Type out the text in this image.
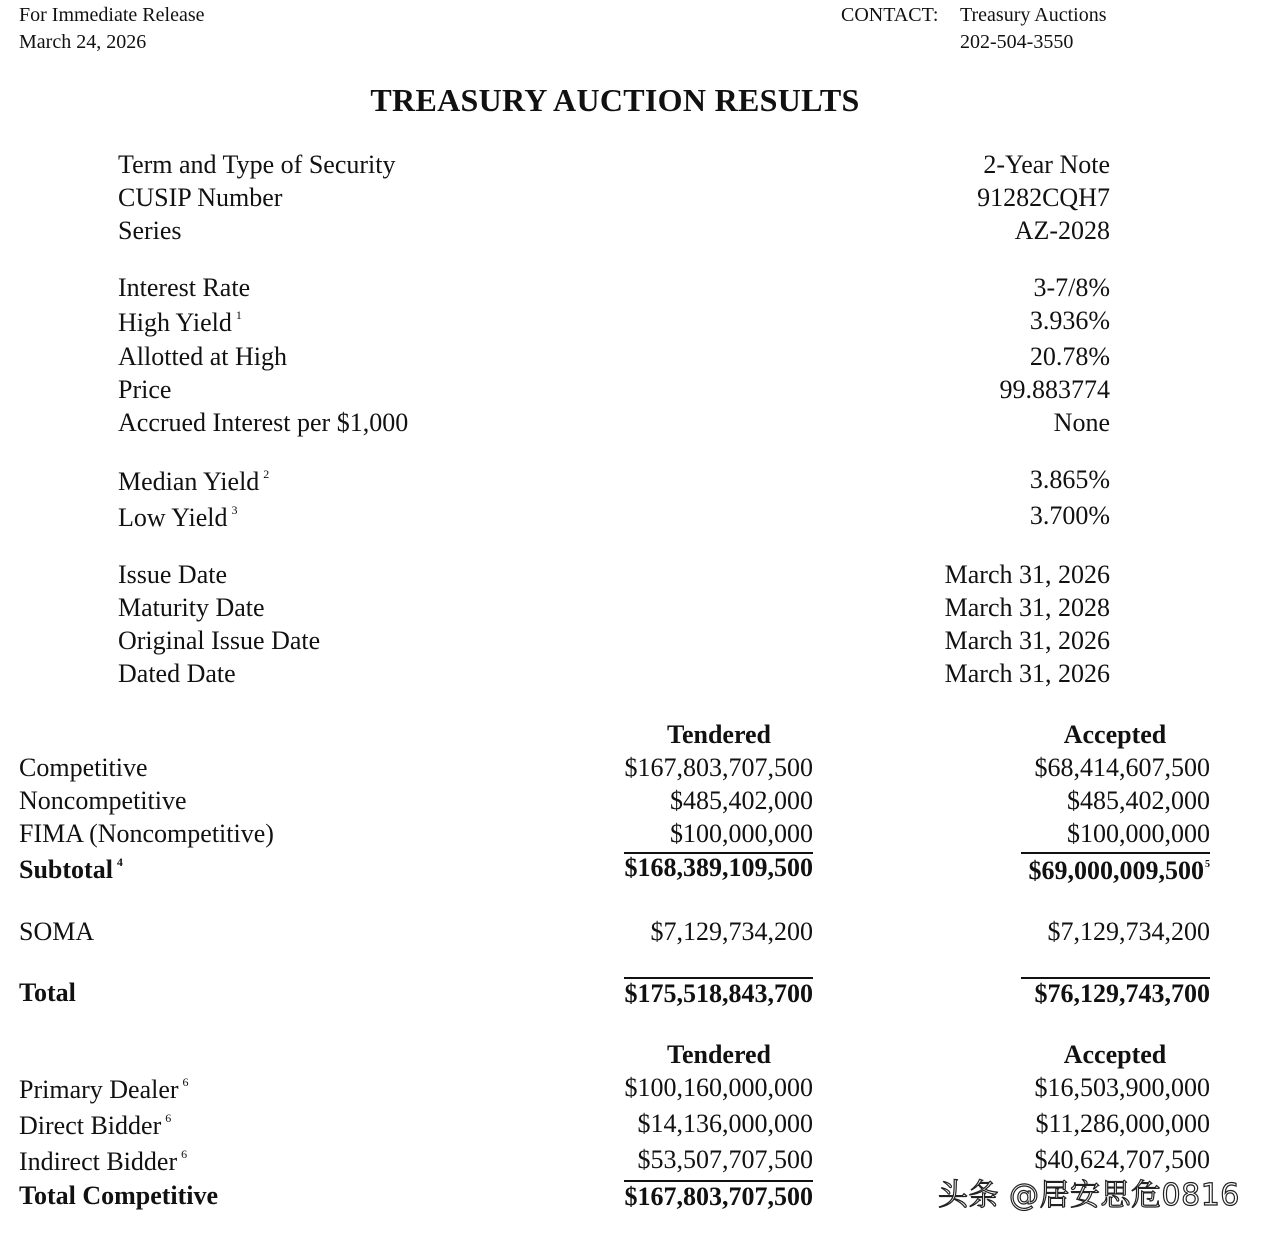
For Immediate Release
March 24, 2026
CONTACT: Treasury Auctions
202-504-3550
TREASURY AUCTION RESULTS
Term and Type of Security	2-Year Note
CUSIP Number	91282CQH7
Series	AZ-2028
Interest Rate	3-7/8%
High Yield $^1$	3.936%
Allotted at High	20.78%
Price	99.883774
Accrued Interest per $1,000	None
Median Yield $^2$	3.865%
Low Yield $^3$	3.700%
Issue Date	March 31, 2026
Maturity Date	March 31, 2028
Original Issue Date	March 31, 2026
Dated Date	March 31, 2026
Tendered	Accepted
Competitive	$167,803,707,500	$68,414,607,500
Noncompetitive	$485,402,000	$485,402,000
FIMA (Noncompetitive)	$100,000,000	$100,000,000
Subtotal $^4$	$168,389,109,500	$69,000,009,500$^5$
SOMA	$7,129,734,200	$7,129,734,200
Total	$175,518,843,700	$76,129,743,700
Tendered	Accepted
Primary Dealer $^6$	$100,160,000,000	$16,503,900,000
Direct Bidder $^6$	$14,136,000,000	$11,286,000,000
Indirect Bidder $^6$	$53,507,707,500	$40,624,707,500
Total Competitive	$167,803,707,500	头条 @居安思危0816
